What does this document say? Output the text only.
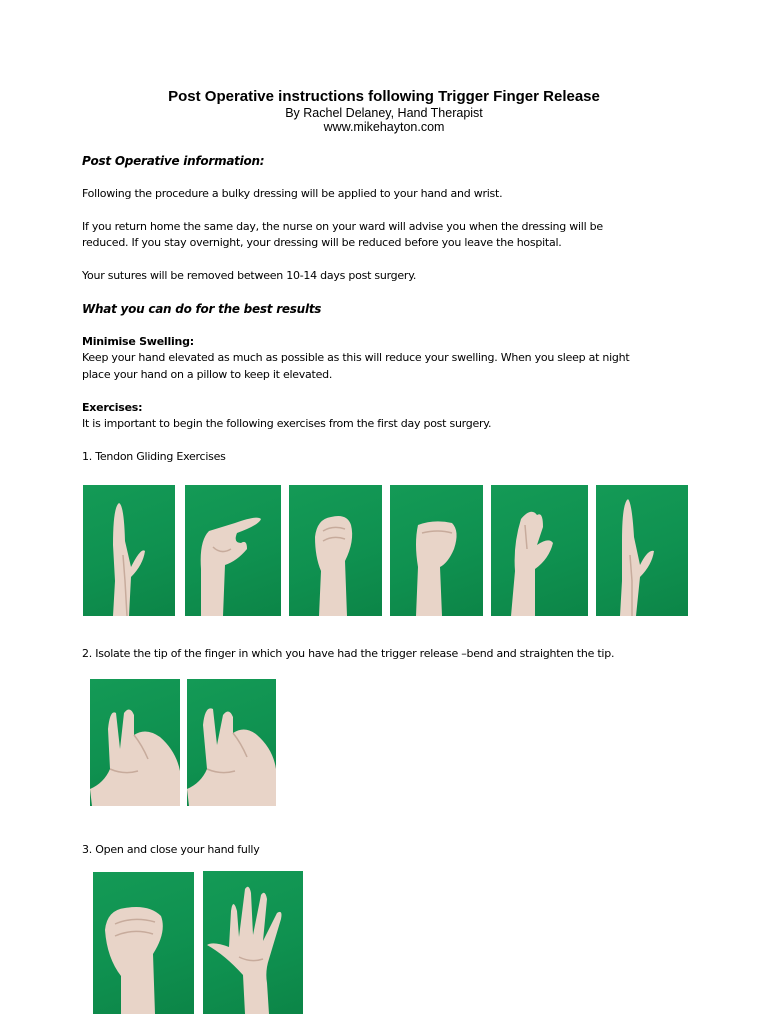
Post Operative instructions following Trigger Finger Release

By Rachel Delaney, Hand Therapist

www.mikehayton.com

Post Operative information:

Following the procedure a bulky dressing will be applied to your hand and wrist.

If you return home the same day, the nurse on your ward will advise you when the dressing will be

reduced. If you stay overnight, your dressing will be reduced before you leave the hospital.

Your sutures will be removed between 10-14 days post surgery.

What you can do for the best results

Minimise Swelling:

Keep your hand elevated as much as possible as this will reduce your swelling. When you sleep at night

place your hand on a pillow to keep it elevated.

Exercises:

It is important to begin the following exercises from the first day post surgery.

1. Tendon Gliding Exercises

2. Isolate the tip of the finger in which you have had the trigger release –bend and straighten the tip.

3. Open and close your hand fully
